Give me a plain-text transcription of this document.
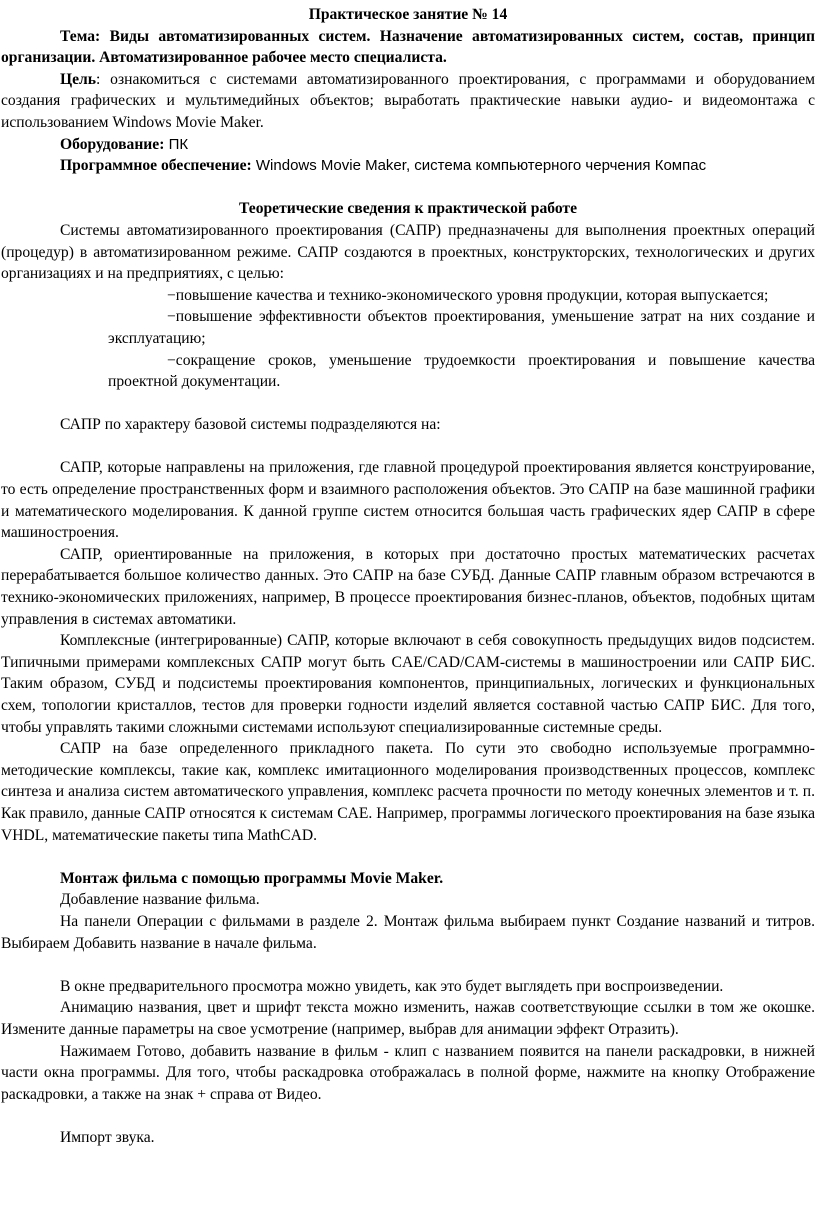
Практическое занятие № 14

Тема: Виды автоматизированных систем. Назначение автоматизированных систем, состав, принцип организации. Автоматизированное рабочее место специалиста.

Цель: ознакомиться с системами автоматизированного проектирования, с программами и оборудованием создания графических и мультимедийных объектов; выработать практические навыки аудио- и видеомонтажа с использованием Windows Movie Maker.

Оборудование: ПК

Программное обеспечение: Windows Movie Maker, система компьютерного черчения Компас

Теоретические сведения к практической работе

Системы автоматизированного проектирования (САПР) предназначены для выполнения проектных операций (процедур) в автоматизированном режиме. САПР создаются в проектных, конструкторских, технологических и других организациях и на предприятиях, с целью:

−повышение качества и технико-экономического уровня продукции, которая выпускается;

−повышение эффективности объектов проектирования, уменьшение затрат на них создание и эксплуатацию;

−сокращение сроков, уменьшение трудоемкости проектирования и повышение качества проектной документации.

САПР по характеру базовой системы подразделяются на:

САПР, которые направлены на приложения, где главной процедурой проектирования является конструирование, то есть определение пространственных форм и взаимного расположения объектов. Это САПР на базе машинной графики и математического моделирования. К данной группе систем относится большая часть графических ядер САПР в сфере машиностроения.

САПР, ориентированные на приложения, в которых при достаточно простых математических расчетах перерабатывается большое количество данных. Это САПР на базе СУБД. Данные САПР главным образом встречаются в технико-экономических приложениях, например, В процессе проектирования бизнес-планов, объектов, подобных щитам управления в системах автоматики.

Комплексные (интегрированные) САПР, которые включают в себя совокупность предыдущих видов подсистем. Типичными примерами комплексных САПР могут быть CAE/CAD/CAM-системы в машиностроении или САПР БИС. Таким образом, СУБД и подсистемы проектирования компонентов, принципиальных, логических и функциональных схем, топологии кристаллов, тестов для проверки годности изделий является составной частью САПР БИС. Для того, чтобы управлять такими сложными системами используют специализированные системные среды.

САПР на базе определенного прикладного пакета. По сути это свободно используемые программно-методические комплексы, такие как, комплекс имитационного моделирования производственных процессов, комплекс синтеза и анализа систем автоматического управления, комплекс расчета прочности по методу конечных элементов и т. п. Как правило, данные САПР относятся к системам CAE. Например, программы логического проектирования на базе языка VHDL, математические пакеты типа MathCAD.

Монтаж фильма с помощью программы Movie Maker.

Добавление название фильма.

На панели Операции с фильмами в разделе 2. Монтаж фильма выбираем пункт Создание названий и титров. Выбираем Добавить название в начале фильма.

В окне предварительного просмотра можно увидеть, как это будет выглядеть при воспроизведении.

Анимацию названия, цвет и шрифт текста можно изменить, нажав соответствующие ссылки в том же окошке. Измените данные параметры на свое усмотрение (например, выбрав для анимации эффект Отразить).

Нажимаем Готово, добавить название в фильм - клип с названием появится на панели раскадровки, в нижней части окна программы. Для того, чтобы раскадровка отображалась в полной форме, нажмите на кнопку Отображение раскадровки, а также на знак + справа от Видео.

Импорт звука.
